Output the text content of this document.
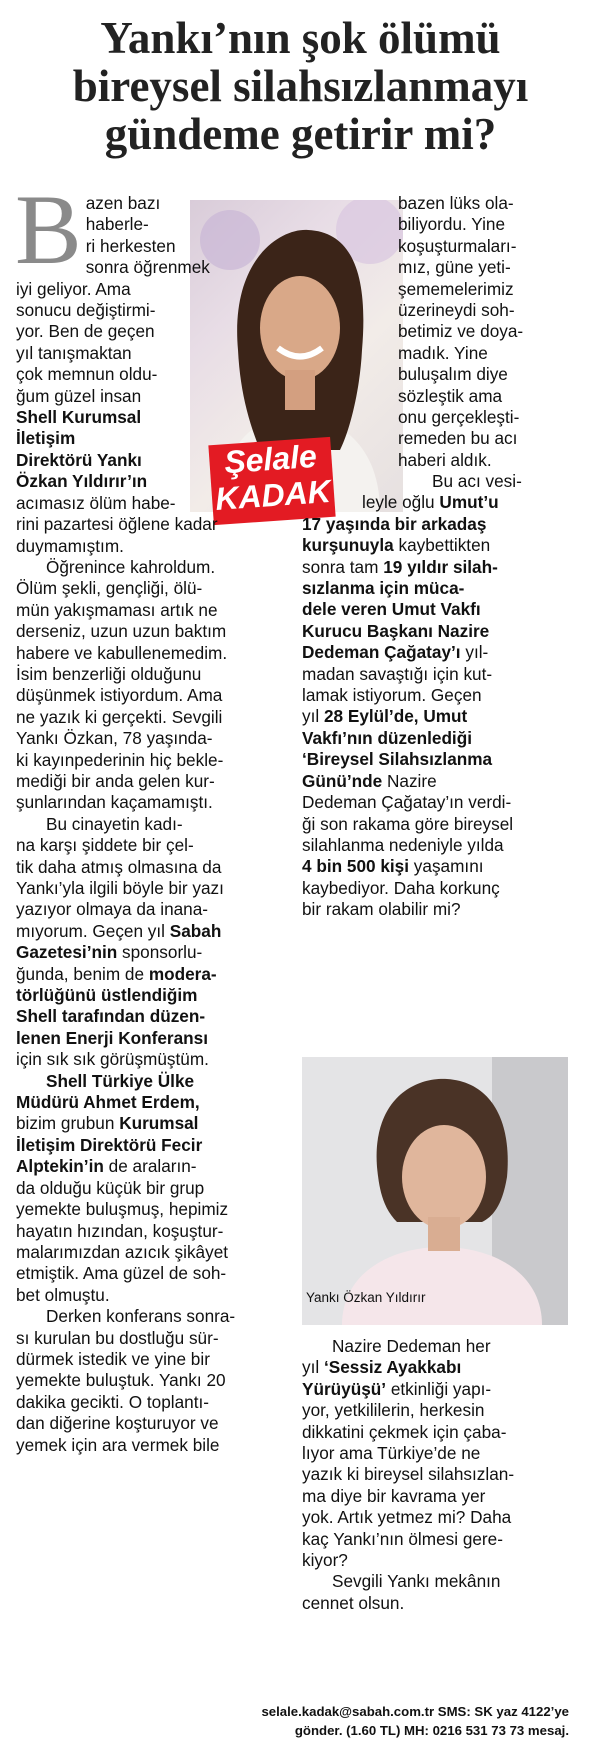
Yankı’nın şok ölümü
bireysel silahsızlanmayı
gündeme getirir mi?
Şelale
KADAK

B azen bazı
haberle-
ri herkesten
sonra öğrenmek
iyi geliyor. Ama
sonucu değiştirmi-
yor. Ben de geçen
yıl tanışmaktan
çok memnun oldu-
ğum güzel insan
Shell Kurumsal
İletişim
Direktörü Yankı
Özkan Yıldırır’ın
acımasız ölüm habe-
rini pazartesi öğlene kadar
duymamıştım.

Öğrenince kahroldum.
Ölüm şekli, gençliği, ölü-
mün yakışmaması artık ne
derseniz, uzun uzun baktım
habere ve kabullenemedim.
İsim benzerliği olduğunu
düşünmek istiyordum. Ama
ne yazık ki gerçekti. Sevgili
Yankı Özkan, 78 yaşında-
ki kayınpederinin hiç bekle-
mediği bir anda gelen kur-
şunlarından kaçamamıştı.

Bu cinayetin kadı-
na karşı şiddete bir çel-
tik daha atmış olmasına da
Yankı’yla ilgili böyle bir yazı
yazıyor olmaya da inana-
mıyorum. Geçen yıl Sabah
Gazetesi’nin sponsorlu-
ğunda, benim de modera-
törlüğünü üstlendiğim
Shell tarafından düzen-
lenen Enerji Konferansı
için sık sık görüşmüştüm.

Shell Türkiye Ülke
Müdürü Ahmet Erdem,
bizim grubun Kurumsal
İletişim Direktörü Fecir
Alptekin’in de araların-
da olduğu küçük bir grup
yemekte buluşmuş, hepimiz
hayatın hızından, koşuştur-
malarımızdan azıcık şikâyet
etmiştik. Ama güzel de soh-
bet olmuştu.

Derken konferans sonra-
sı kurulan bu dostluğu sür-
dürmek istedik ve yine bir
yemekte buluştuk. Yankı 20
dakika gecikti. O toplantı-
dan diğerine koşturuyor ve
yemek için ara vermek bile

bazen lüks ola-
biliyordu. Yine
koşuşturmaları-
mız, güne yeti-
şememelerimiz
üzerineydi soh-
betimiz ve doya-
madık. Yine
buluşalım diye
sözleştik ama
onu gerçekleşti-
remeden bu acı
haberi aldık.

Bu acı vesi-

leyle oğlu Umut’u
17 yaşında bir arkadaş
kurşunuyla kaybettikten
sonra tam 19 yıldır silah-
sızlanma için müca-
dele veren Umut Vakfı
Kurucu Başkanı Nazire
Dedeman Çağatay’ı yıl-
madan savaştığı için kut-
lamak istiyorum. Geçen
yıl 28 Eylül’de, Umut
Vakfı’nın düzenlediği
‘Bireysel Silahsızlanma
Günü’nde Nazire
Dedeman Çağatay’ın verdi-
ği son rakama göre bireysel
silahlanma nedeniyle yılda
4 bin 500 kişi yaşamını
kaybediyor. Daha korkunç
bir rakam olabilir mi?

Yankı Özkan Yıldırır

Nazire Dedeman her
yıl ‘Sessiz Ayakkabı
Yürüyüşü’ etkinliği yapı-
yor, yetkililerin, herkesin
dikkatini çekmek için çaba-
lıyor ama Türkiye’de ne
yazık ki bireysel silahsızlan-
ma diye bir kavrama yer
yok. Artık yetmez mi? Daha
kaç Yankı’nın ölmesi gere-
kiyor?

Sevgili Yankı mekânın
cennet olsun.

selale.kadak@sabah.com.tr SMS: SK yaz 4122’ye
gönder. (1.60 TL) MH: 0216 531 73 73 mesaj.
